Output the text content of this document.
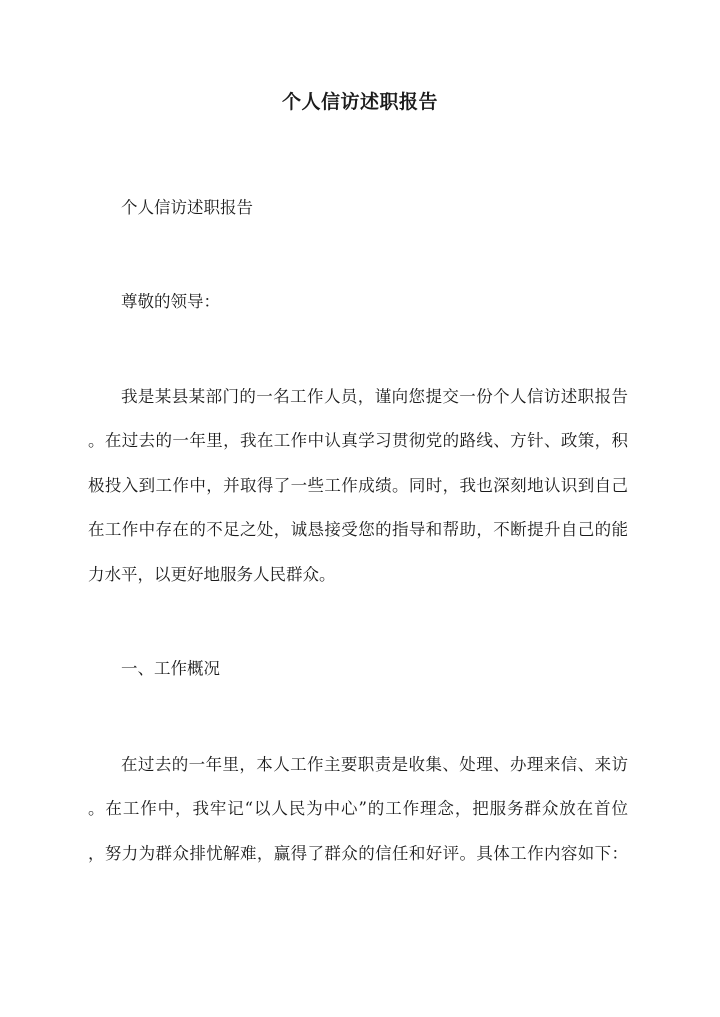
个人信访述职报告
个人信访述职报告
尊敬的领导：
我是某县某部门的一名工作人员，谨向您提交一份个人信访述职报告
。在过去的一年里，我在工作中认真学习贯彻党的路线、方针、政策，积
极投入到工作中，并取得了一些工作成绩。同时，我也深刻地认识到自己
在工作中存在的不足之处，诚恳接受您的指导和帮助，不断提升自己的能
力水平，以更好地服务人民群众。
一、工作概况
在过去的一年里，本人工作主要职责是收集、处理、办理来信、来访
。在工作中，我牢记“以人民为中心”的工作理念，把服务群众放在首位
，努力为群众排忧解难，赢得了群众的信任和好评。具体工作内容如下：
